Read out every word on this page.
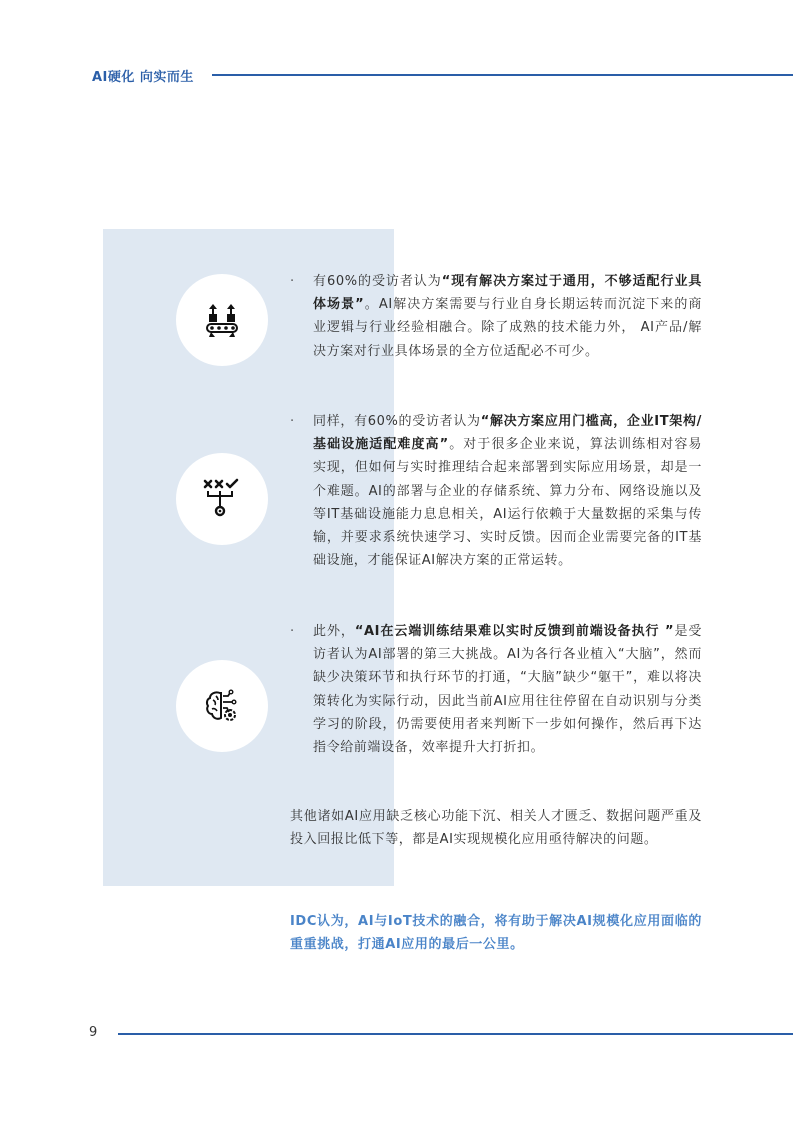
AI硬化 向实而生
· 有60%的受访者认为“现有解决方案过于通用，不够适配行业具体场景”。AI解决方案需要与行业自身长期运转而沉淀下来的商业逻辑与行业经验相融合。除了成熟的技术能力外， AI产品/解决方案对行业具体场景的全方位适配必不可少。
· 同样，有60%的受访者认为“解决方案应用门槛高，企业IT架构/基础设施适配难度高”。对于很多企业来说，算法训练相对容易实现，但如何与实时推理结合起来部署到实际应用场景，却是一个难题。AI的部署与企业的存储系统、算力分布、网络设施以及等IT基础设施能力息息相关，AI运行依赖于大量数据的采集与传输，并要求系统快速学习、实时反馈。因而企业需要完备的IT基础设施，才能保证AI解决方案的正常运转。
· 此外，“AI在云端训练结果难以实时反馈到前端设备执行 ”是受访者认为AI部署的第三大挑战。AI为各行各业植入“大脑”，然而缺少决策环节和执行环节的打通，“大脑”缺少“躯干”，难以将决策转化为实际行动，因此当前AI应用往往停留在自动识别与分类学习的阶段，仍需要使用者来判断下一步如何操作，然后再下达指令给前端设备，效率提升大打折扣。
其他诸如AI应用缺乏核心功能下沉、相关人才匮乏、数据问题严重及投入回报比低下等，都是AI实现规模化应用亟待解决的问题。
IDC认为，AI与IoT技术的融合，将有助于解决AI规模化应用面临的重重挑战，打通AI应用的最后一公里。
9
